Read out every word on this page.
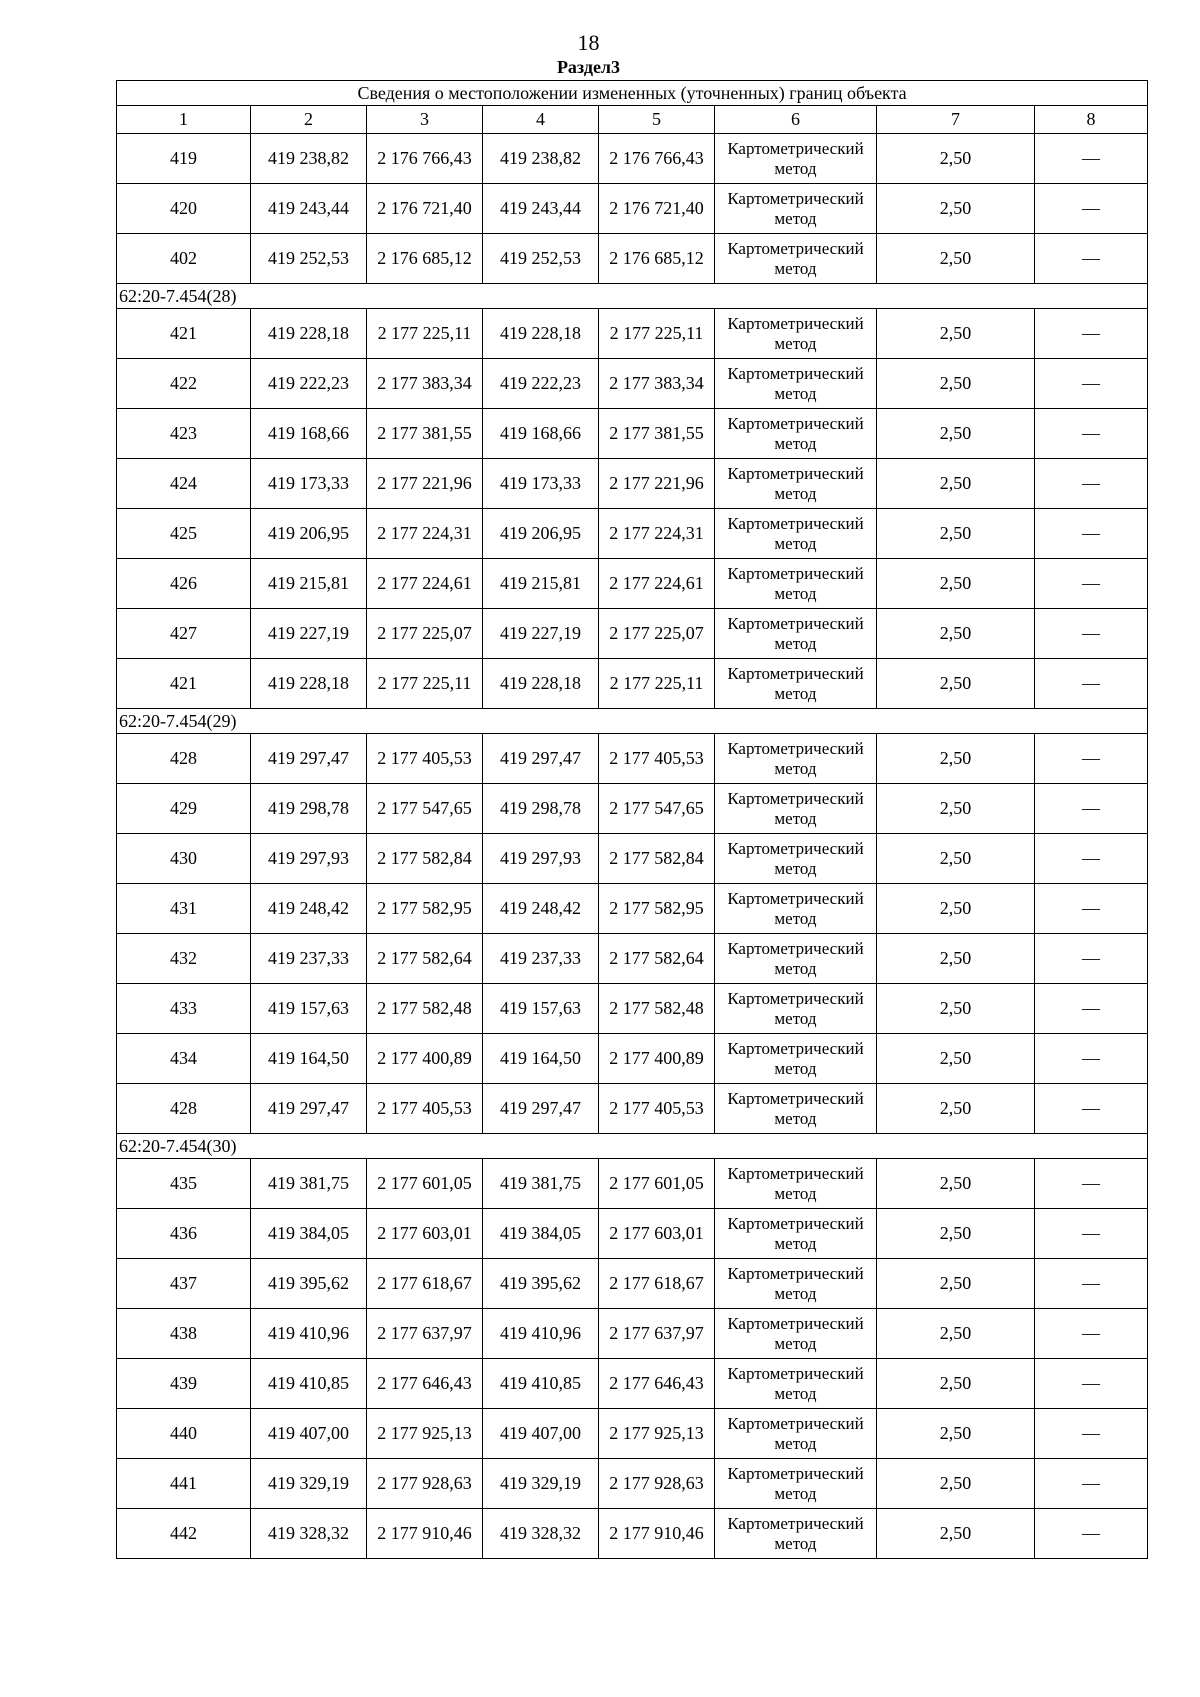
18
Раздел3
Сведения о местоположении измененных (уточненных) границ объекта							
1	2	3	4	5	6	7	8
419	419 238,82	2 176 766,43	419 238,82	2 176 766,43	Картометрический метод	2,50	—
420	419 243,44	2 176 721,40	419 243,44	2 176 721,40	Картометрический метод	2,50	—
402	419 252,53	2 176 685,12	419 252,53	2 176 685,12	Картометрический метод	2,50	—
62:20-7.454(28)							
421	419 228,18	2 177 225,11	419 228,18	2 177 225,11	Картометрический метод	2,50	—
422	419 222,23	2 177 383,34	419 222,23	2 177 383,34	Картометрический метод	2,50	—
423	419 168,66	2 177 381,55	419 168,66	2 177 381,55	Картометрический метод	2,50	—
424	419 173,33	2 177 221,96	419 173,33	2 177 221,96	Картометрический метод	2,50	—
425	419 206,95	2 177 224,31	419 206,95	2 177 224,31	Картометрический метод	2,50	—
426	419 215,81	2 177 224,61	419 215,81	2 177 224,61	Картометрический метод	2,50	—
427	419 227,19	2 177 225,07	419 227,19	2 177 225,07	Картометрический метод	2,50	—
421	419 228,18	2 177 225,11	419 228,18	2 177 225,11	Картометрический метод	2,50	—
62:20-7.454(29)							
428	419 297,47	2 177 405,53	419 297,47	2 177 405,53	Картометрический метод	2,50	—
429	419 298,78	2 177 547,65	419 298,78	2 177 547,65	Картометрический метод	2,50	—
430	419 297,93	2 177 582,84	419 297,93	2 177 582,84	Картометрический метод	2,50	—
431	419 248,42	2 177 582,95	419 248,42	2 177 582,95	Картометрический метод	2,50	—
432	419 237,33	2 177 582,64	419 237,33	2 177 582,64	Картометрический метод	2,50	—
433	419 157,63	2 177 582,48	419 157,63	2 177 582,48	Картометрический метод	2,50	—
434	419 164,50	2 177 400,89	419 164,50	2 177 400,89	Картометрический метод	2,50	—
428	419 297,47	2 177 405,53	419 297,47	2 177 405,53	Картометрический метод	2,50	—
62:20-7.454(30)							
435	419 381,75	2 177 601,05	419 381,75	2 177 601,05	Картометрический метод	2,50	—
436	419 384,05	2 177 603,01	419 384,05	2 177 603,01	Картометрический метод	2,50	—
437	419 395,62	2 177 618,67	419 395,62	2 177 618,67	Картометрический метод	2,50	—
438	419 410,96	2 177 637,97	419 410,96	2 177 637,97	Картометрический метод	2,50	—
439	419 410,85	2 177 646,43	419 410,85	2 177 646,43	Картометрический метод	2,50	—
440	419 407,00	2 177 925,13	419 407,00	2 177 925,13	Картометрический метод	2,50	—
441	419 329,19	2 177 928,63	419 329,19	2 177 928,63	Картометрический метод	2,50	—
442	419 328,32	2 177 910,46	419 328,32	2 177 910,46	Картометрический метод	2,50	—
